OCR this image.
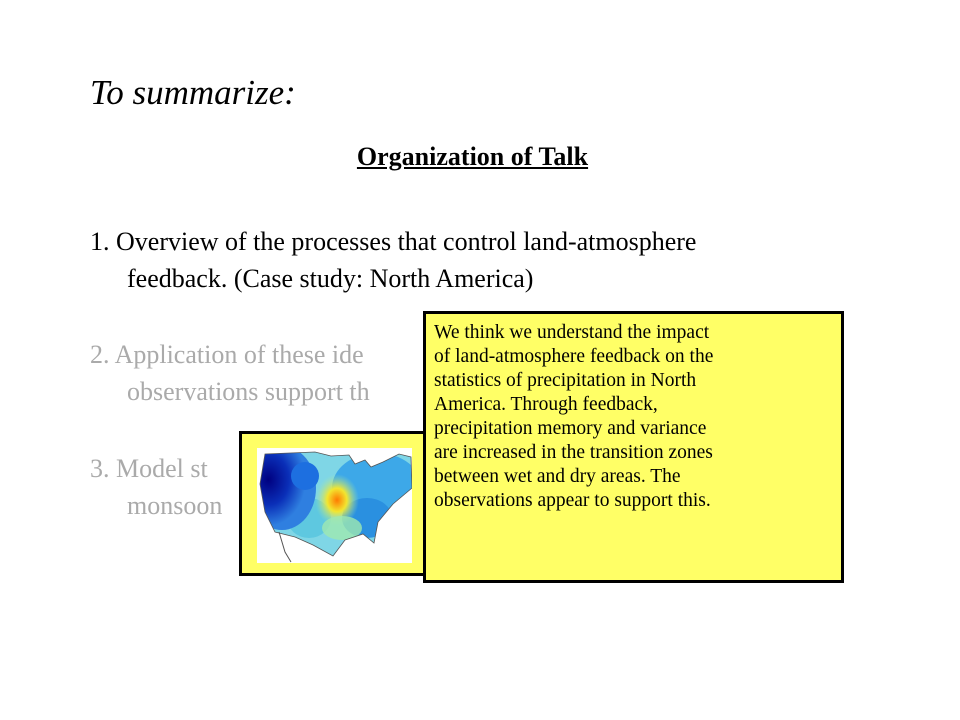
To summarize:
Organization of Talk
1. Overview of the processes that control land-atmosphere
feedback. (Case study: North America)
2. Application of these ide
observations support th
3. Model st
monsoon
We think we understand the impact
of land-atmosphere feedback on the
statistics of precipitation in North
America. Through feedback,
precipitation memory and variance
are increased in the transition zones
between wet and dry areas. The
observations appear to support this.
